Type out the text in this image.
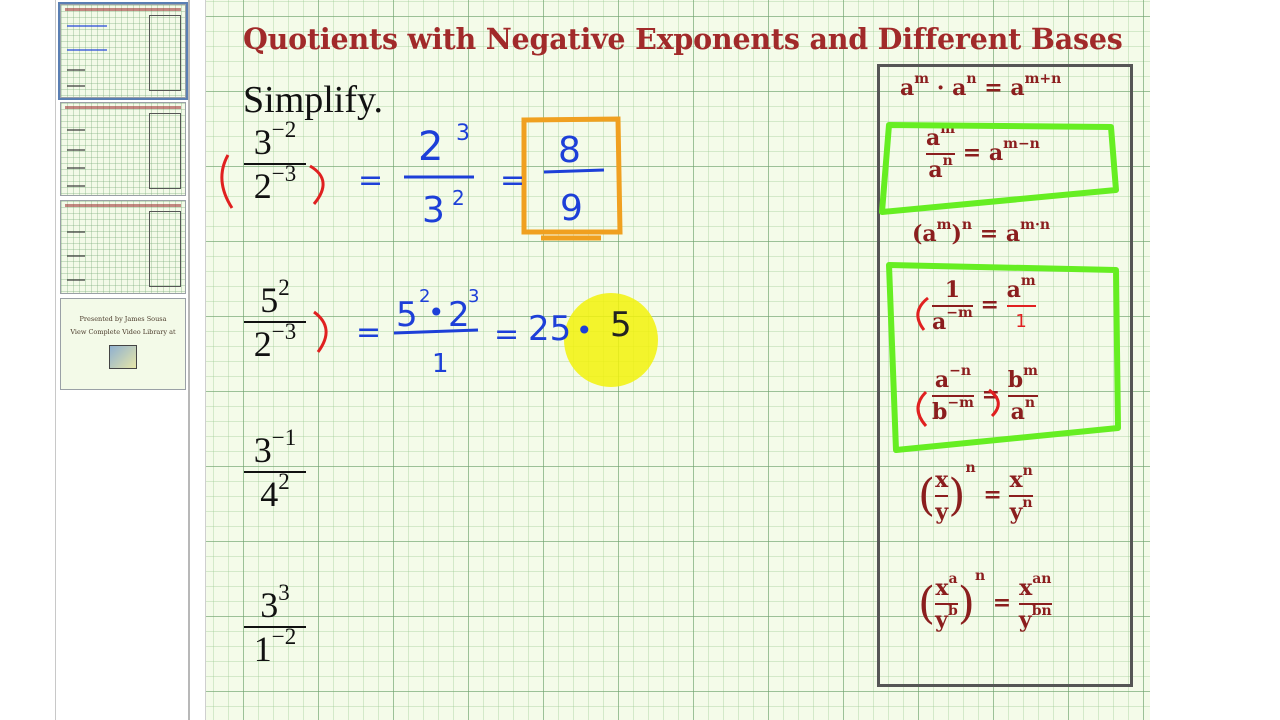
Presented by James Sousa
View Complete Video Library at
Quotients with Negative Exponents and Different Bases
Simplify.
$3^{-2}$
$2^{-3}$
$5^2$
$2^{-3}$
$3^{-1}$
$4^2$
$3^3$
$1^{-2}$
$a^m \cdot a^n = a^{m+n}$
$\frac{a^m}{a^n} = a^{m-n}$
$(a^m)^n = a^{m\cdot n}$
$\frac{1}{a^{-m}}$ =
$a^m$
1
$\frac{a^{-n}}{b^{-m}} = \frac{b^m}{a^n}$
( $\frac{x}{y} )^n = \frac{x^n}{y^n}$
( $\frac{x^a}{y^b} )^n$ =
$x^{an}$
$y^{bn}$
=	=
2 3
3 2
8
9
= 5 2
• 2
3
1
= 25 • 5
